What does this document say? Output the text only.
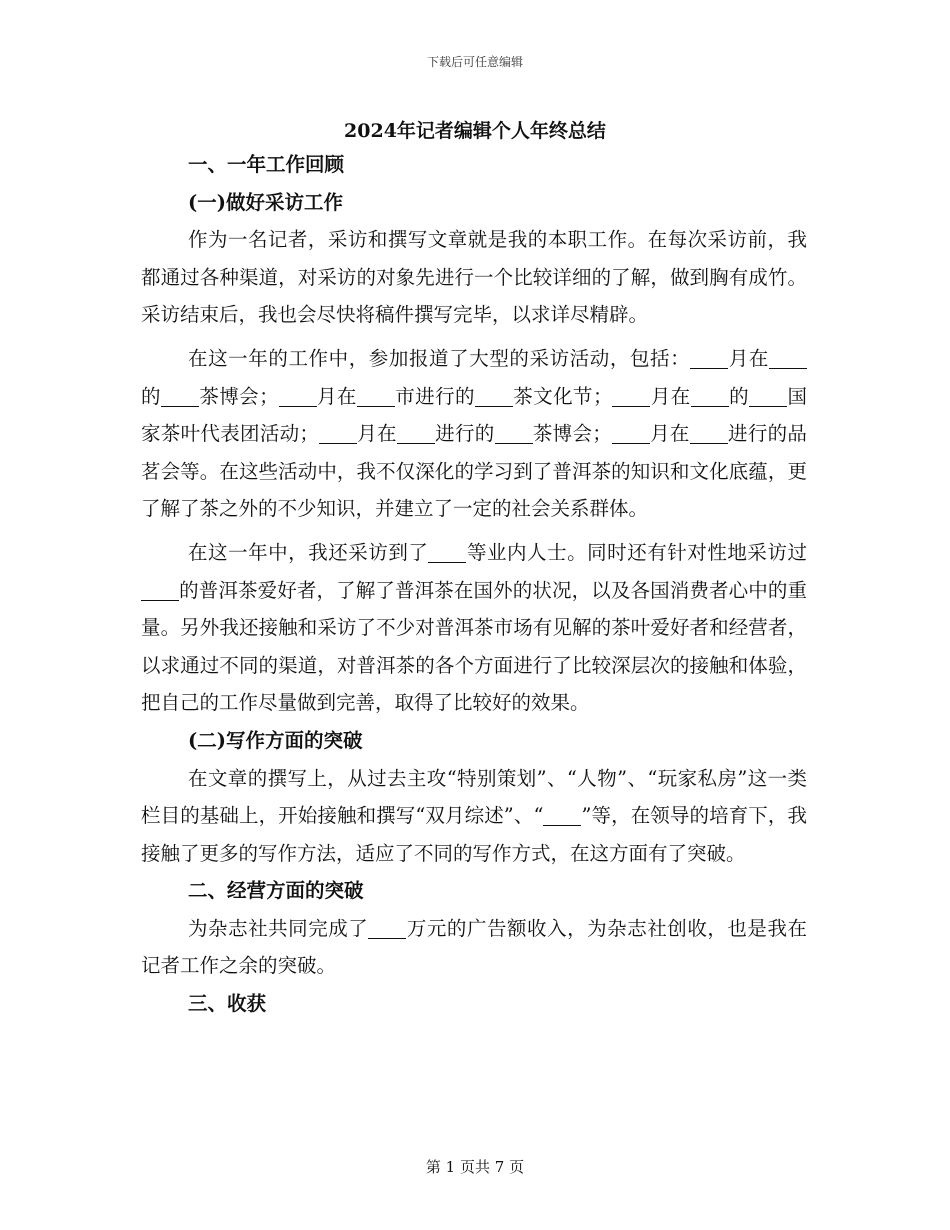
下载后可任意编辑
2024年记者编辑个人年终总结

一、一年工作回顾

(一)做好采访工作

作为一名记者，采访和撰写文章就是我的本职工作。在每次采访前，我都通过各种渠道，对采访的对象先进行一个比较详细的了解，做到胸有成竹。采访结束后，我也会尽快将稿件撰写完毕，以求详尽精辟。

在这一年的工作中，参加报道了大型的采访活动，包括： 月在的 茶博会； 月在 市进行的 茶文化节； 月在 的 国家茶叶代表团活动； 月在 进行的 茶博会； 月在 进行的品茗会等。在这些活动中，我不仅深化的学习到了普洱茶的知识和文化底蕴，更了解了茶之外的不少知识，并建立了一定的社会关系群体。

在这一年中，我还采访到了 等业内人士。同时还有针对性地采访过的普洱茶爱好者，了解了普洱茶在国外的状况，以及各国消费者心中的重量。另外我还接触和采访了不少对普洱茶市场有见解的茶叶爱好者和经营者，以求通过不同的渠道，对普洱茶的各个方面进行了比较深层次的接触和体验，把自己的工作尽量做到完善，取得了比较好的效果。

(二)写作方面的突破

在文章的撰写上，从过去主攻“特别策划”、“人物”、“玩家私房”这一类栏目的基础上，开始接触和撰写“双月综述”、“ ”等，在领导的培育下，我接触了更多的写作方法，适应了不同的写作方式，在这方面有了突破。

二、经营方面的突破

为杂志社共同完成了 万元的广告额收入，为杂志社创收，也是我在记者工作之余的突破。

三、收获

第 1 页共 7 页
